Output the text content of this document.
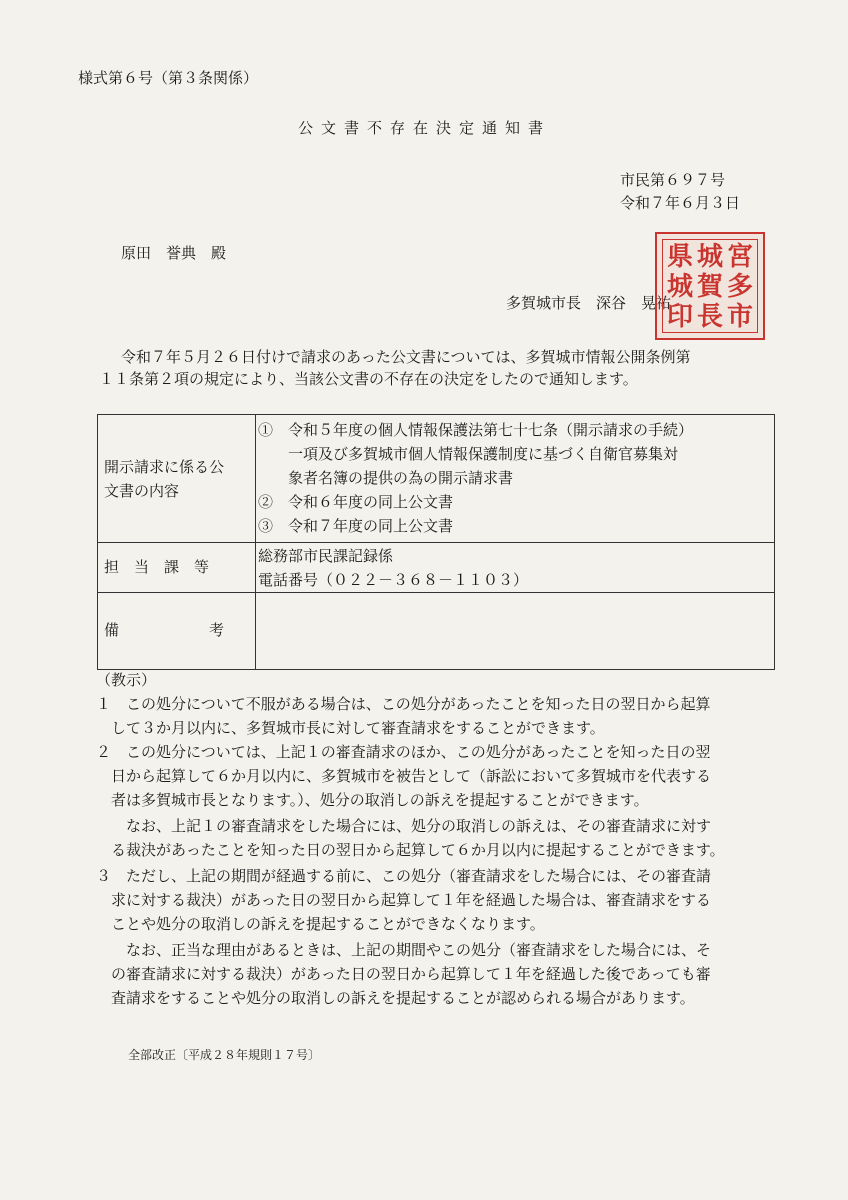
様式第６号（第３条関係）
公文書不存在決定通知書
市民第６９７号
令和７年６月３日
原田　誉典　殿
多賀城市長　深谷　晃祐
県 城 宮
城 賀 多
印 長 市
令和７年５月２６日付けで請求のあった公文書については、多賀城市情報公開条例第
１１条第２項の規定により、当該公文書の不存在の決定をしたので通知します。
開示請求に係る公
文書の内容
①　令和５年度の個人情報保護法第七十七条（開示請求の手続）
　　一項及び多賀城市個人情報保護制度に基づく自衛官募集対
　　象者名簿の提供の為の開示請求書
②　令和６年度の同上公文書
③　令和７年度の同上公文書
担　当　課　等
総務部市民課記録係
電話番号（０２２－３６８－１１０３）
備　　　　　　考
（教示）
１　この処分について不服がある場合は、この処分があったことを知った日の翌日から起算
　して３か月以内に、多賀城市長に対して審査請求をすることができます。
２　この処分については、上記１の審査請求のほか、この処分があったことを知った日の翌
　日から起算して６か月以内に、多賀城市を被告として（訴訟において多賀城市を代表する
　者は多賀城市長となります。）、処分の取消しの訴えを提起することができます。
　　なお、上記１の審査請求をした場合には、処分の取消しの訴えは、その審査請求に対す
　る裁決があったことを知った日の翌日から起算して６か月以内に提起することができます。
３　ただし、上記の期間が経過する前に、この処分（審査請求をした場合には、その審査請
　求に対する裁決）があった日の翌日から起算して１年を経過した場合は、審査請求をする
　ことや処分の取消しの訴えを提起することができなくなります。
　　なお、正当な理由があるときは、上記の期間やこの処分（審査請求をした場合には、そ
　の審査請求に対する裁決）があった日の翌日から起算して１年を経過した後であっても審
　査請求をすることや処分の取消しの訴えを提起することが認められる場合があります。
全部改正〔平成２８年規則１７号〕
